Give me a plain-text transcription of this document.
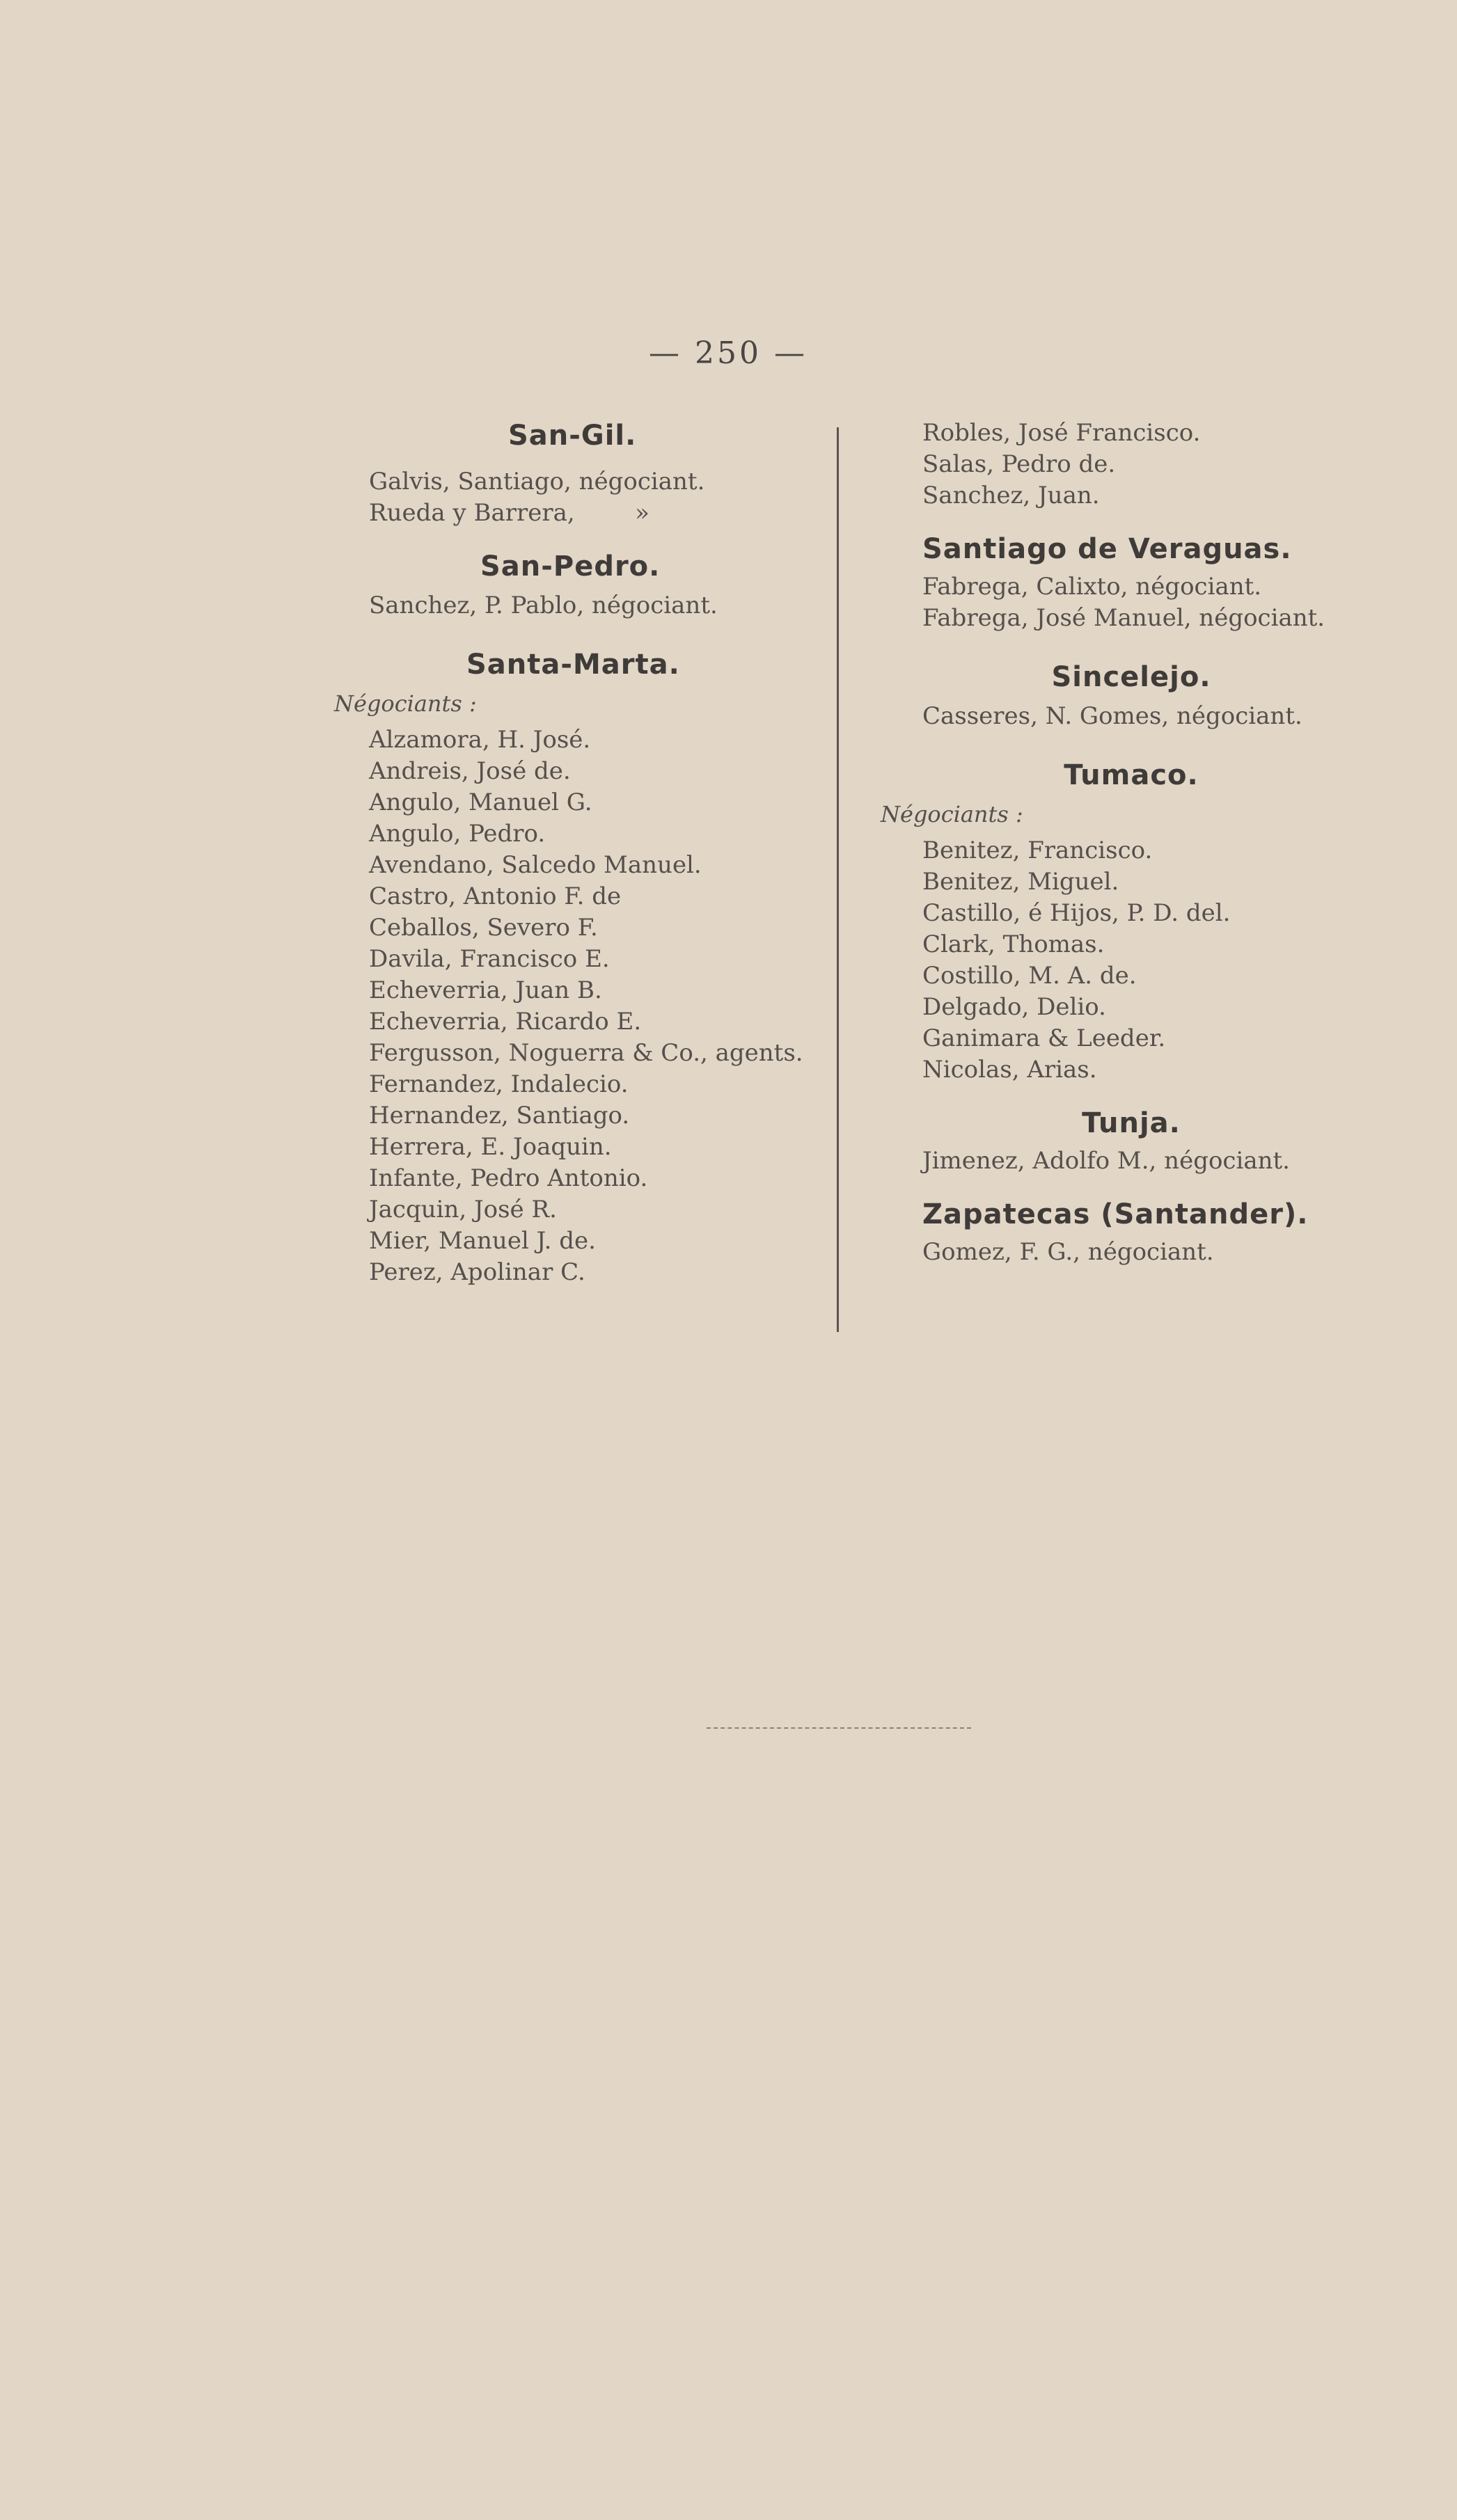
— 250 —
San-Gil.
Galvis, Santiago, négociant.
Rueda y Barrera,        »
San-Pedro.
Sanchez, P. Pablo, négociant.
Santa-Marta.
Négociants :
Alzamora, H. José.
Andreis, José de.
Angulo, Manuel G.
Angulo, Pedro.
Avendano, Salcedo Manuel.
Castro, Antonio F. de
Ceballos, Severo F.
Davila, Francisco E.
Echeverria, Juan B.
Echeverria, Ricardo E.
Fergusson, Noguerra & Co., agents.
Fernandez, Indalecio.
Hernandez, Santiago.
Herrera, E. Joaquin.
Infante, Pedro Antonio.
Jacquin, José R.
Mier, Manuel J. de.
Perez, Apolinar C.
Robles, José Francisco.
Salas, Pedro de.
Sanchez, Juan.
Santiago de Veraguas.
Fabrega, Calixto, négociant.
Fabrega, José Manuel, négociant.
Sincelejo.
Casseres, N. Gomes, négociant.
Tumaco.
Négociants :
Benitez, Francisco.
Benitez, Miguel.
Castillo, é Hijos, P. D. del.
Clark, Thomas.
Costillo, M. A. de.
Delgado, Delio.
Ganimara & Leeder.
Nicolas, Arias.
Tunja.
Jimenez, Adolfo M., négociant.
Zapatecas (Santander).
Gomez, F. G., négociant.
